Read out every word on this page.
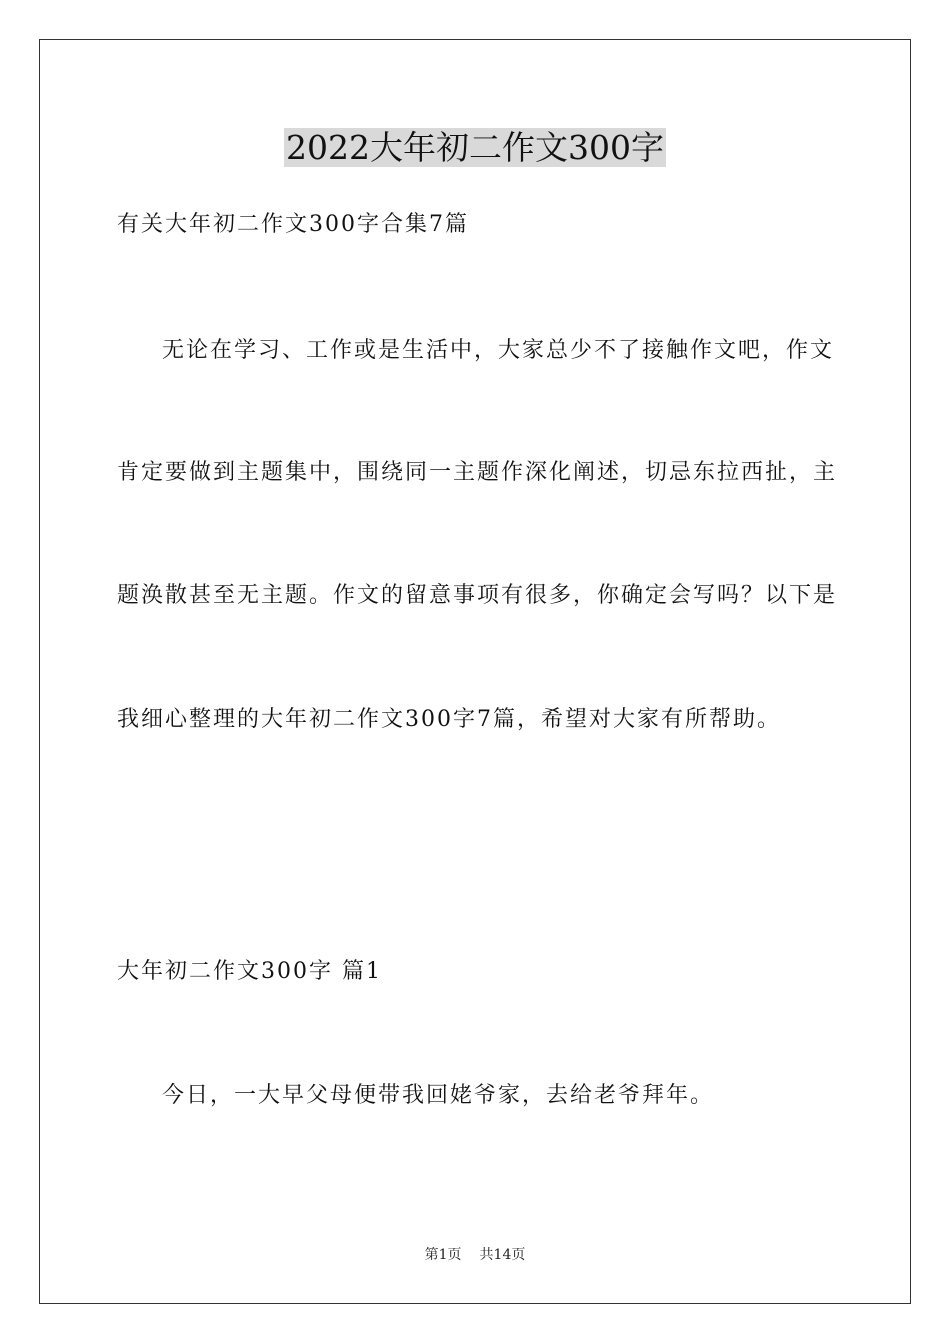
2022大年初二作文300字
有关大年初二作文300字合集7篇
无论在学习、工作或是生活中，大家总少不了接触作文吧，作文
肯定要做到主题集中，围绕同一主题作深化阐述，切忌东拉西扯，主
题涣散甚至无主题。作文的留意事项有很多，你确定会写吗？以下是
我细心整理的大年初二作文300字7篇，希望对大家有所帮助。
大年初二作文300字 篇1
今日，一大早父母便带我回姥爷家，去给老爷拜年。
第1页 共14页
